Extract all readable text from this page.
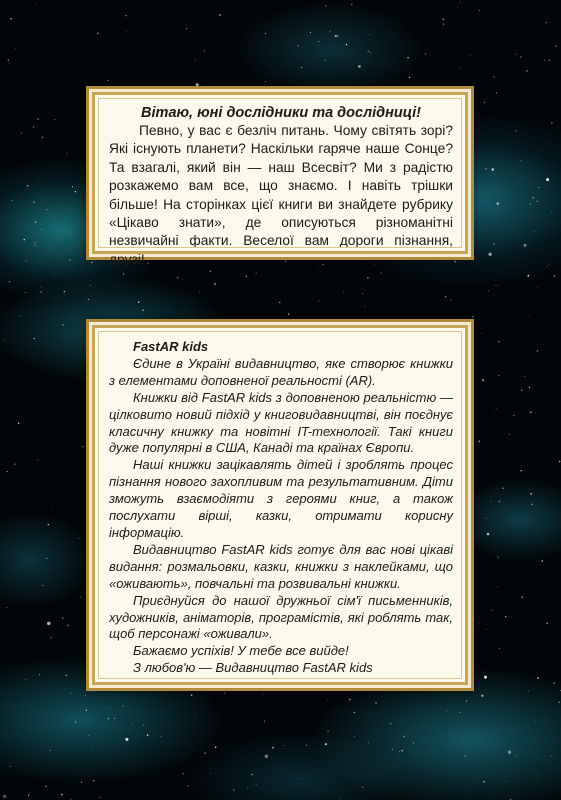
Вітаю, юні дослідники та дослідниці!

Певно, у вас є безліч питань. Чому світять зорі? Які існують планети? Наскільки гаряче наше Сонце? Та взагалі, який він — наш Всесвіт? Ми з радістю розкажемо вам все, що знаємо. І навіть трішки більше! На сторінках цієї книги ви знайдете рубрику «Цікаво знати», де описуються різноманітні незвичайні факти. Веселої вам дороги пізнання, друзі!

FastAR kids

Єдине в Україні видавництво, яке створює книжки з елементами доповненої реальності (AR).

Книжки від FastAR kids з доповненою реальністю — цілковито новий підхід у книговидавництві, він поєднує класичну книжку та новітні IT-технології. Такі книги дуже популярні в США, Канаді та країнах Європи.

Наші книжки зацікавлять дітей і зроблять процес пізнання нового захопливим та результативним. Діти зможуть взаємодіяти з героями книг, а також послухати вірші, казки, отримати корисну інформацію.

Видавництво FastAR kids готує для вас нові цікаві видання: розмальовки, казки, книжки з наклейками, що «оживають», повчальні та розвивальні книжки.

Приєднуйся до нашої дружньої сім'ї письменників, художників, аніматорів, програмістів, які роблять так, щоб персонажі «оживали».

Бажаємо успіхів! У тебе все вийде!

З любов'ю — Видавництво FastAR kids
